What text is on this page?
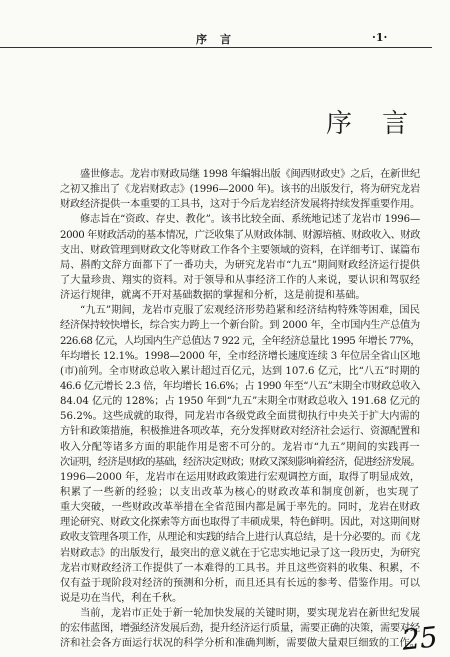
序　言	·1·
序　言
盛世修志。龙岩市财政局继 1998 年编辑出版《闽西财政史》之后，在新世纪
之初又推出了《龙岩财政志》(1996—2000 年)。该书的出版发行，将为研究龙岩
财政经济提供一本重要的工具书，这对于今后龙岩经济发展将持续发挥重要作用。
修志旨在“资政、存史、教化”。该书比较全面、系统地记述了龙岩市 1996—
2000 年财政活动的基本情况，广泛收集了从财政体制、财源培植、财政收入、财政
支出、财政管理到财政文化等财政工作各个主要领域的资料，在详细考订、谋篇布
局、斟酌文辞方面都下了一番功夫，为研究龙岩市“九五”期间财政经济运行提供
了大量珍贵、翔实的资料。对于领导和从事经济工作的人来说，要认识和驾驭经
济运行规律，就离不开对基础数据的掌握和分析，这是前提和基础。
“九五”期间，龙岩市克服了宏观经济形势趋紧和经济结构特殊等困难，国民
经济保持较快增长，综合实力跨上一个新台阶。到 2000 年，全市国内生产总值为
226.68 亿元，人均国内生产总值达 7 922 元，全年经济总量比 1995 年增长 77%，
年均增长 12.1%。1998—2000 年，全市经济增长速度连续 3 年位居全省山区地
(市)前列。全市财政总收入累计超过百亿元，达到 107.6 亿元，比“八五”时期的
46.6 亿元增长 2.3 倍，年均增长 16.6%；占 1990 年至“八五”末期全市财政总收入
84.04 亿元的 128%；占 1950 年到“九五”末期全市财政总收入 191.68 亿元的
56.2%。这些成就的取得，同龙岩市各级党政全面贯彻执行中央关于扩大内需的
方针和政策措施，积极推进各项改革，充分发挥财政对经济社会运行、资源配置和
收入分配等诸多方面的职能作用是密不可分的。龙岩市“九五”期间的实践再一
次证明，经济是财政的基础，经济决定财政；财政又深刻影响着经济，促进经济发展。
1996—2000 年，龙岩市在运用财政政策进行宏观调控方面，取得了明显成效，
积累了一些新的经验；以支出改革为核心的财政改革和制度创新，也实现了
重大突破，一些财政改革举措在全省范围内都是属于率先的。同时，龙岩在财政
理论研究、财政文化探索等方面也取得了丰硕成果，特色鲜明。因此，对这期间财
政收支管理各项工作，从理论和实践的结合上进行认真总结，是十分必要的。而《龙
岩财政志》的出版发行，最突出的意义就在于它忠实地记录了这一段历史，为研究
龙岩市财政经济工作提供了一本难得的工具书。并且这些资料的收集、积累，不
仅有益于现阶段对经济的预测和分析，而且还具有长远的参考、借鉴作用。可以
说是功在当代，利在千秋。
当前，龙岩市正处于新一轮加快发展的关键时期，要实现龙岩在新世纪发展
的宏伟蓝图，增强经济发展后劲，提升经济运行质量，需要正确的决策，需要对经
济和社会各方面运行状况的科学分析和准确判断，需要做大量艰巨细致的工作。
25
